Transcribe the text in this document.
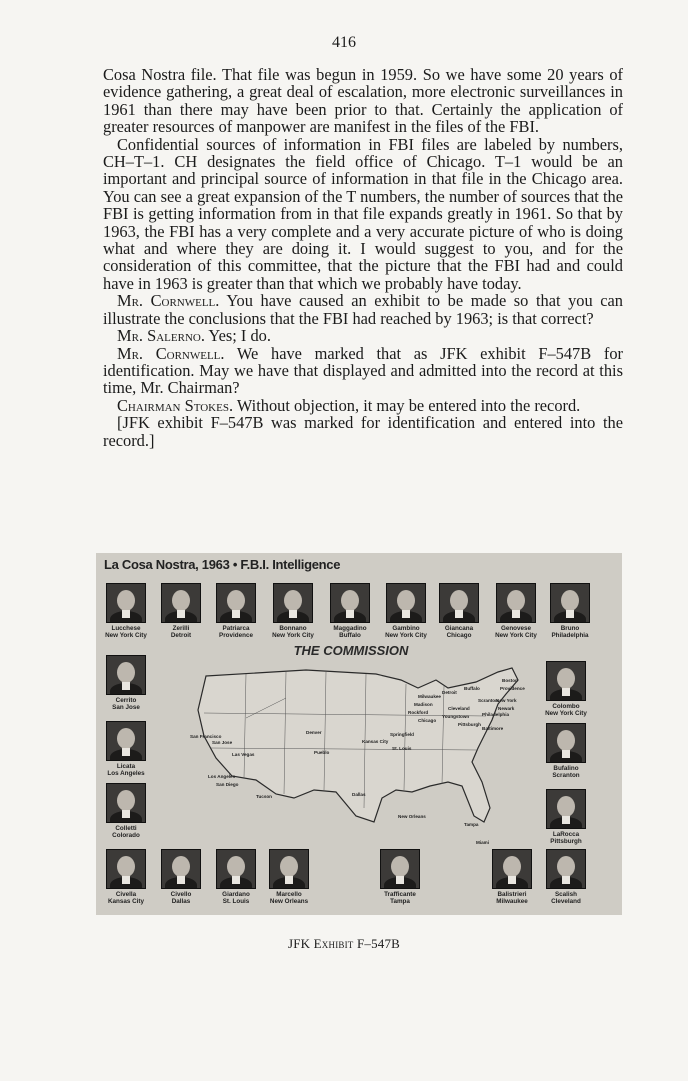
416

Cosa Nostra file. That file was begun in 1959. So we have some 20 years of evidence gathering, a great deal of escalation, more electronic surveillances in 1961 than there may have been prior to that. Certainly the application of greater resources of manpower are manifest in the files of the FBI.

Confidential sources of information in FBI files are labeled by numbers, CH–T–1. CH designates the field office of Chicago. T–1 would be an important and principal source of information in that file in the Chicago area. You can see a great expansion of the T numbers, the number of sources that the FBI is getting information from in that file expands greatly in 1961. So that by 1963, the FBI has a very complete and a very accurate picture of who is doing what and where they are doing it. I would suggest to you, and for the consideration of this committee, that the picture that the FBI had and could have in 1963 is greater than that which we probably have today.

Mr. Cornwell. You have caused an exhibit to be made so that you can illustrate the conclusions that the FBI had reached by 1963; is that correct?

Mr. Salerno. Yes; I do.

Mr. Cornwell. We have marked that as JFK exhibit F–547B for identification. May we have that displayed and admitted into the record at this time, Mr. Chairman?

Chairman Stokes. Without objection, it may be entered into the record.

[JFK exhibit F–547B was marked for identification and entered into the record.]

La Cosa Nostra, 1963 • F.B.I. Intelligence
San Francisco
San Jose
Las Vegas
Los Angeles
San Diego
Tucson
Denver
Pueblo
Kansas City
Dallas
Springfield
St. Louis
New Orleans
Tampa
Miami
Milwaukee
Madison
Rockford
Chicago
Detroit
Buffalo
Cleveland
Youngstown
Pittsburgh
Scranton
Philadelphia
Newark
New York
Baltimore
Boston
Providence
THE COMMISSION
Lucchese
New York City
Zerilli
Detroit
Patriarca
Providence
Bonnano
New York City
Maggadino
Buffalo
Gambino
New York City
Giancana
Chicago
Genovese
New York City
Bruno
Philadelphia
Cerrito
San Jose
Licata
Los Angeles
Colletti
Colorado
Colombo
New York City
Bufalino
Scranton
LaRocca
Pittsburgh
Civella
Kansas City
Civello
Dallas
Giardano
St. Louis
Marcello
New Orleans
Trafficante
Tampa
Balistrieri
Milwaukee
Scalish
Cleveland
JFK Exhibit F–547B
